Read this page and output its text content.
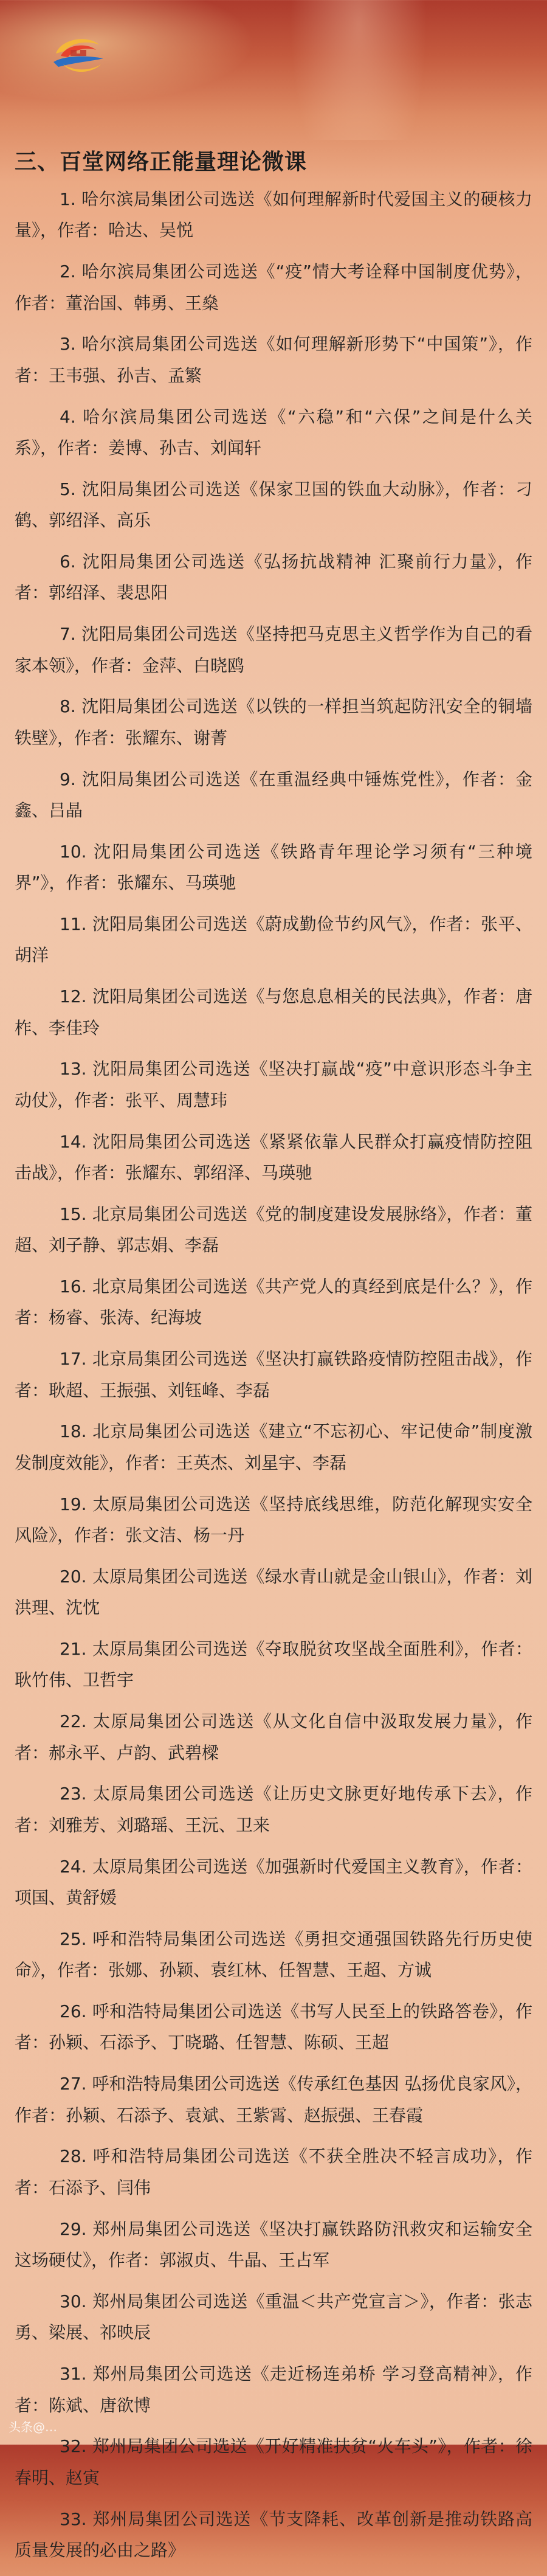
三、百堂网络正能量理论微课

1. 哈尔滨局集团公司选送《如何理解新时代爱国主义的硬核力量》，作者：哈达、吴悦

2. 哈尔滨局集团公司选送《“疫”情大考诠释中国制度优势》，作者：董治国、韩勇、王燊

3. 哈尔滨局集团公司选送《如何理解新形势下“中国策”》，作者：王韦强、孙吉、孟繁

4. 哈尔滨局集团公司选送《“六稳”和“六保”之间是什么关系》，作者：姜博、孙吉、刘闻轩

5. 沈阳局集团公司选送《保家卫国的铁血大动脉》，作者：刁鹤、郭绍泽、高乐

6. 沈阳局集团公司选送《弘扬抗战精神 汇聚前行力量》，作者：郭绍泽、裴思阳

7. 沈阳局集团公司选送《坚持把马克思主义哲学作为自己的看家本领》，作者：金萍、白晓鸥

8. 沈阳局集团公司选送《以铁的一样担当筑起防汛安全的铜墙铁壁》，作者：张耀东、谢菁

9. 沈阳局集团公司选送《在重温经典中锤炼党性》，作者：金鑫、吕晶

10. 沈阳局集团公司选送《铁路青年理论学习须有“三种境界”》，作者：张耀东、马瑛驰

11. 沈阳局集团公司选送《蔚成勤俭节约风气》，作者：张平、胡洋

12. 沈阳局集团公司选送《与您息息相关的民法典》，作者：唐柞、李佳玲

13. 沈阳局集团公司选送《坚决打赢战“疫”中意识形态斗争主动仗》，作者：张平、周慧玮

14. 沈阳局集团公司选送《紧紧依靠人民群众打赢疫情防控阻击战》，作者：张耀东、郭绍泽、马瑛驰

15. 北京局集团公司选送《党的制度建设发展脉络》，作者：董超、刘子静、郭志娟、李磊

16. 北京局集团公司选送《共产党人的真经到底是什么？》，作者：杨睿、张涛、纪海坡

17. 北京局集团公司选送《坚决打赢铁路疫情防控阻击战》，作者：耿超、王振强、刘钰峰、李磊

18. 北京局集团公司选送《建立“不忘初心、牢记使命”制度激发制度效能》，作者：王英杰、刘星宇、李磊

19. 太原局集团公司选送《坚持底线思维，防范化解现实安全风险》，作者：张文洁、杨一丹

20. 太原局集团公司选送《绿水青山就是金山银山》，作者：刘洪理、沈忱

21. 太原局集团公司选送《夺取脱贫攻坚战全面胜利》，作者：耿竹伟、卫哲宇

22. 太原局集团公司选送《从文化自信中汲取发展力量》，作者：郝永平、卢韵、武碧樑

23. 太原局集团公司选送《让历史文脉更好地传承下去》，作者：刘雅芳、刘璐瑶、王沅、卫来

24. 太原局集团公司选送《加强新时代爱国主义教育》，作者：项国、黄舒媛

25. 呼和浩特局集团公司选送《勇担交通强国铁路先行历史使命》，作者：张娜、孙颖、袁红林、任智慧、王超、方诚

26. 呼和浩特局集团公司选送《书写人民至上的铁路答卷》，作者：孙颖、石添予、丁晓璐、任智慧、陈硕、王超

27. 呼和浩特局集团公司选送《传承红色基因 弘扬优良家风》，作者：孙颖、石添予、袁斌、王紫霄、赵振强、王春霞

28. 呼和浩特局集团公司选送《不获全胜决不轻言成功》，作者：石添予、闫伟

29. 郑州局集团公司选送《坚决打赢铁路防汛救灾和运输安全这场硬仗》，作者：郭淑贞、牛晶、王占军

30. 郑州局集团公司选送《重温＜共产党宣言＞》，作者：张志勇、梁展、祁映辰

31. 郑州局集团公司选送《走近杨连弟桥 学习登高精神》，作者：陈斌、唐欲博

32. 郑州局集团公司选送《开好精准扶贫“火车头”》，作者：徐春明、赵寅

33. 郑州局集团公司选送《节支降耗、改革创新是推动铁路高质量发展的必由之路》

头条@…
